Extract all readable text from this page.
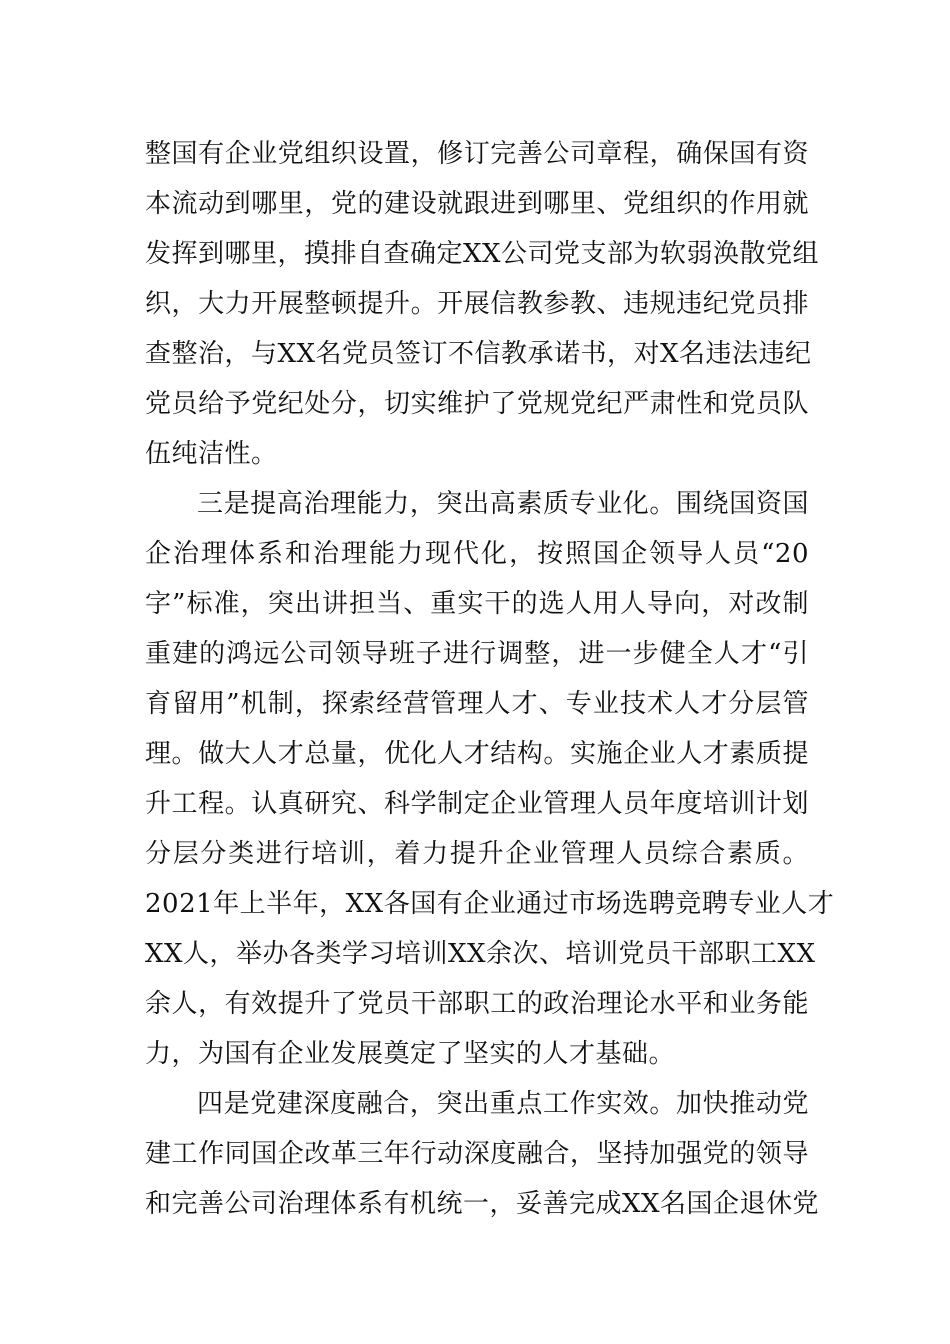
整国有企业党组织设置，修订完善公司章程，确保国有资
本流动到哪里，党的建设就跟进到哪里、党组织的作用就
发挥到哪里，摸排自查确定XX公司党支部为软弱涣散党组
织，大力开展整顿提升。开展信教参教、违规违纪党员排
查整治，与XX名党员签订不信教承诺书，对X名违法违纪
党员给予党纪处分，切实维护了党规党纪严肃性和党员队
伍纯洁性。
三是提高治理能力，突出高素质专业化。围绕国资国
企治理体系和治理能力现代化，按照国企领导人员“20
字”标准，突出讲担当、重实干的选人用人导向，对改制
重建的鸿远公司领导班子进行调整，进一步健全人才“引
育留用”机制，探索经营管理人才、专业技术人才分层管
理。做大人才总量，优化人才结构。实施企业人才素质提
升工程。认真研究、科学制定企业管理人员年度培训计划
分层分类进行培训，着力提升企业管理人员综合素质。
2021年上半年，XX各国有企业通过市场选聘竞聘专业人才
XX人，举办各类学习培训XX余次、培训党员干部职工XX
余人，有效提升了党员干部职工的政治理论水平和业务能
力，为国有企业发展奠定了坚实的人才基础。
四是党建深度融合，突出重点工作实效。加快推动党
建工作同国企改革三年行动深度融合，坚持加强党的领导
和完善公司治理体系有机统一，妥善完成XX名国企退休党
